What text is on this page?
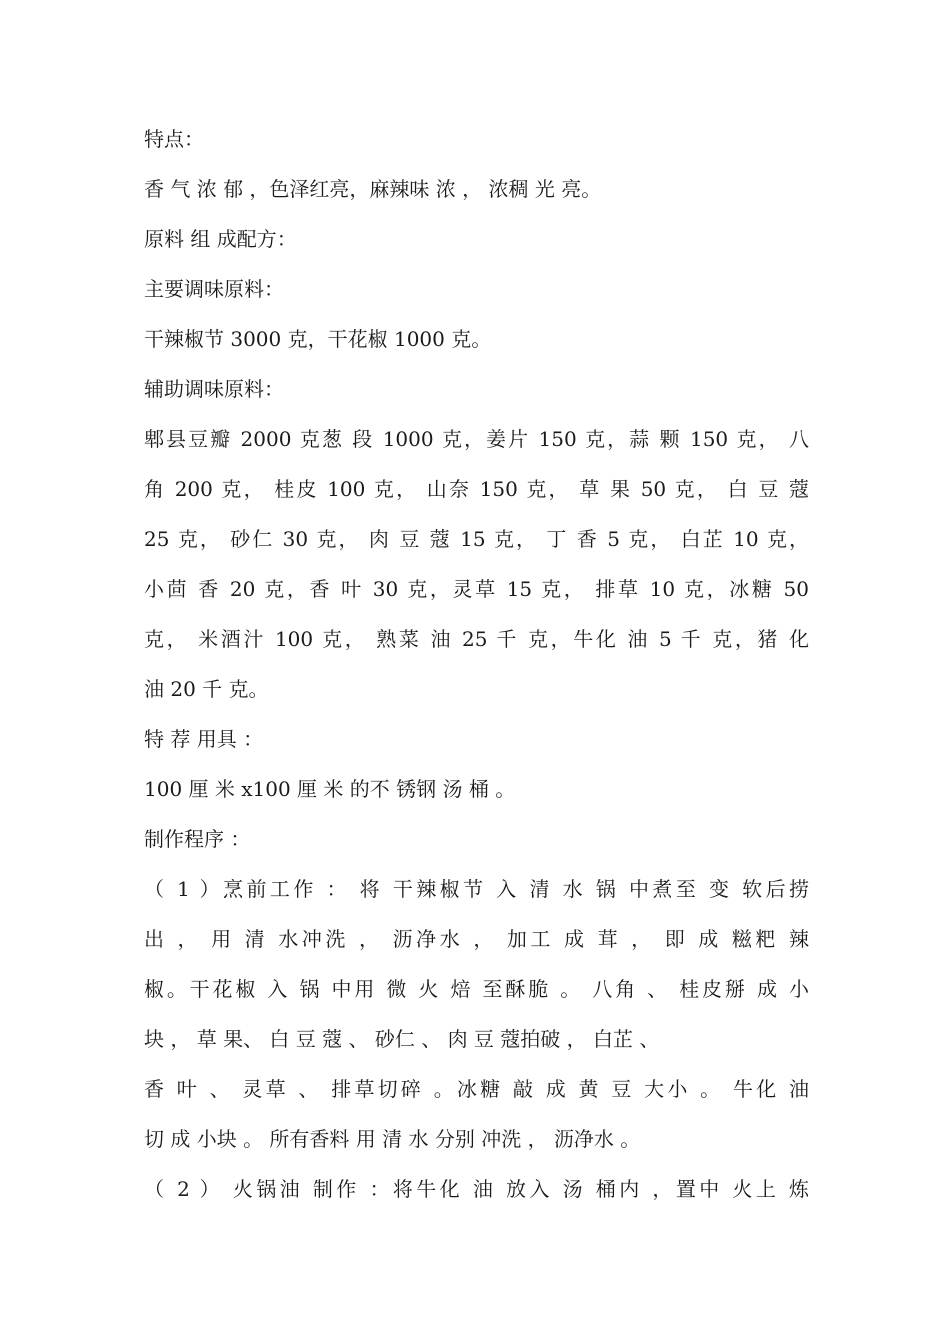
特点：
香 气 浓 郁 ，色泽红亮，麻辣味 浓 ， 浓稠 光 亮。
原料 组 成配方：
主要调味原料：
干辣椒节 3000 克，干花椒 1000 克。
辅助调味原料：
郫县豆瓣 2000 克葱 段 1000 克，姜片 150 克，蒜 颗 150 克， 八
角 200 克， 桂皮 100 克， 山奈 150 克， 草 果 50 克， 白 豆 蔻
25 克， 砂仁 30 克， 肉 豆 蔻 15 克， 丁 香 5 克， 白芷 10 克，
小茴 香 20 克，香 叶 30 克，灵草 15 克， 排草 10 克，冰糖 50
克， 米酒汁 100 克， 熟菜 油 25 千 克，牛化 油 5 千 克，猪 化
油 20 千 克。
特 荐 用具 ：
100 厘 米 x100 厘 米 的不 锈钢 汤 桶 。
制作程序 ：
（ 1 ）烹前工作 ： 将 干辣椒节 入 清 水 锅 中煮至 变 软后捞
出 ， 用 清 水冲洗 ， 沥净水 ， 加工 成 茸 ， 即 成 糍粑 辣
椒。干花椒 入 锅 中用 微 火 焙 至酥脆 。 八角 、 桂皮掰 成 小
块 ， 草 果、 白 豆 蔻 、 砂仁 、 肉 豆 蔻拍破 ， 白芷 、
香 叶 、 灵草 、 排草切碎 。冰糖 敲 成 黄 豆 大小 。 牛化 油
切 成 小块 。 所有香料 用 清 水 分别 冲洗 ， 沥净水 。
（ 2 ） 火锅油 制作 ：将牛化 油 放入 汤 桶内 ，置中 火上 炼
